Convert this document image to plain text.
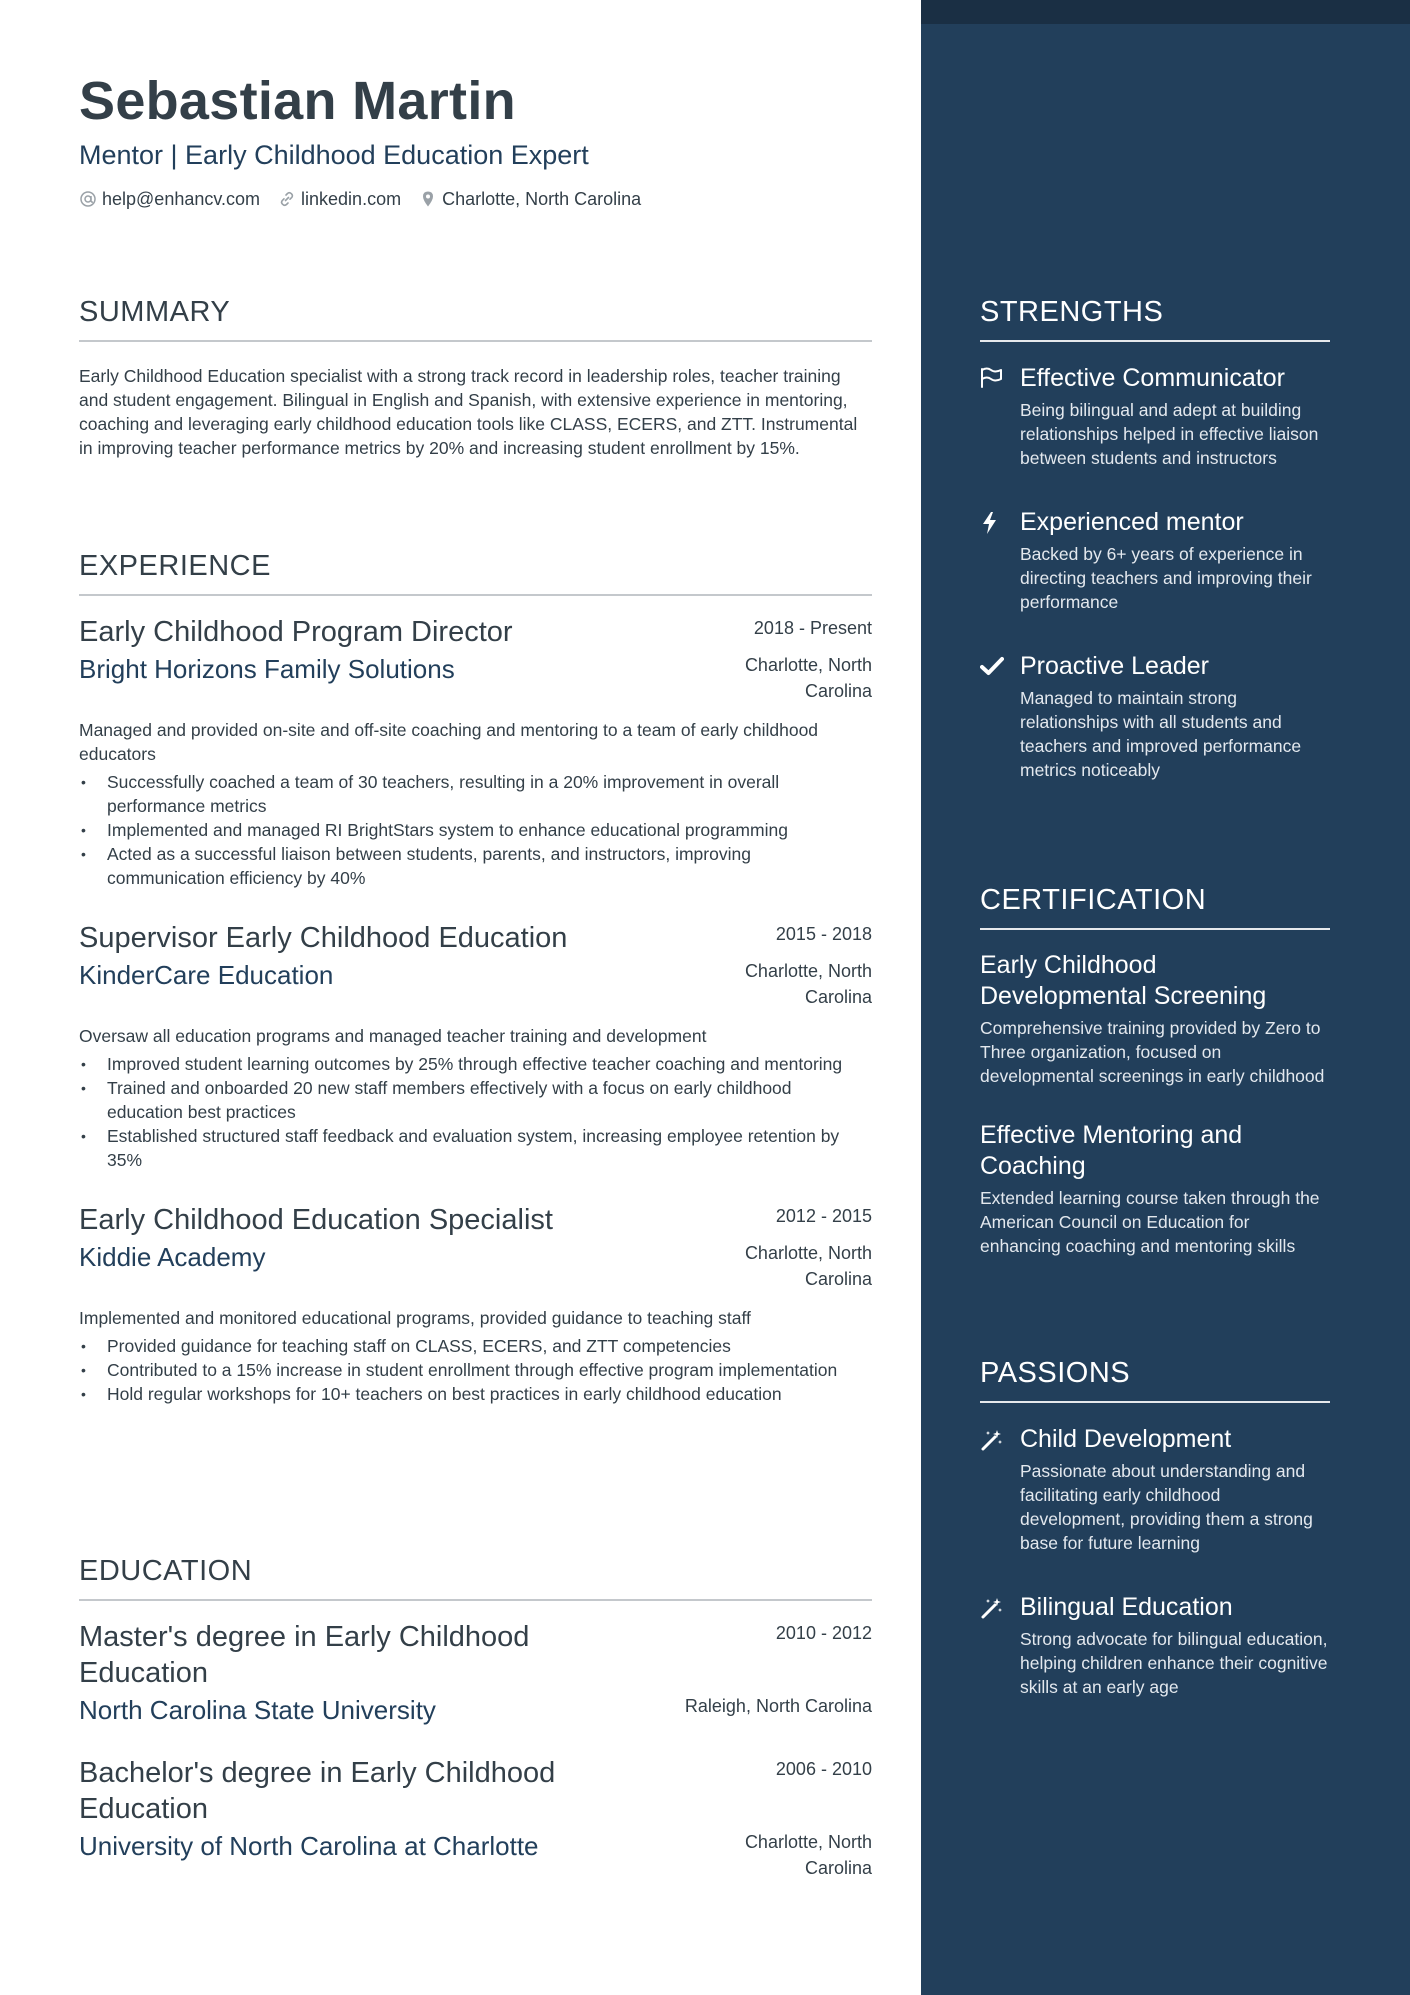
Sebastian Martin
Mentor | Early Childhood Education Expert
help@enhancv.com linkedin.com Charlotte, North Carolina
SUMMARY
Early Childhood Education specialist with a strong track record in leadership roles, teacher training and student engagement. Bilingual in English and Spanish, with extensive experience in mentoring, coaching and leveraging early childhood education tools like CLASS, ECERS, and ZTT. Instrumental in improving teacher performance metrics by 20% and increasing student enrollment by 15%.
EXPERIENCE
Early Childhood Program Director	2018 - Present
Bright Horizons Family Solutions	Charlotte, North
Carolina
Managed and provided on-site and off-site coaching and mentoring to a team of early childhood educators
• Successfully coached a team of 30 teachers, resulting in a 20% improvement in overall performance metrics
• Implemented and managed RI BrightStars system to enhance educational programming
• Acted as a successful liaison between students, parents, and instructors, improving communication efficiency by 40%
Supervisor Early Childhood Education	2015 - 2018
KinderCare Education	Charlotte, North
Carolina
Oversaw all education programs and managed teacher training and development
• Improved student learning outcomes by 25% through effective teacher coaching and mentoring
• Trained and onboarded 20 new staff members effectively with a focus on early childhood education best practices
• Established structured staff feedback and evaluation system, increasing employee retention by 35%
Early Childhood Education Specialist	2012 - 2015
Kiddie Academy	Charlotte, North
Carolina
Implemented and monitored educational programs, provided guidance to teaching staff
• Provided guidance for teaching staff on CLASS, ECERS, and ZTT competencies
• Contributed to a 15% increase in student enrollment through effective program implementation
• Hold regular workshops for 10+ teachers on best practices in early childhood education
EDUCATION
Master's degree in Early Childhood Education
2010 - 2012
North Carolina State University	Raleigh, North Carolina
Bachelor's degree in Early Childhood Education
2006 - 2010
University of North Carolina at Charlotte	Charlotte, North
Carolina
STRENGTHS
Effective Communicator
Being bilingual and adept at building relationships helped in effective liaison between students and instructors
Experienced mentor
Backed by 6+ years of experience in directing teachers and improving their performance
Proactive Leader
Managed to maintain strong relationships with all students and teachers and improved performance metrics noticeably
CERTIFICATION
Early Childhood Developmental Screening
Comprehensive training provided by Zero to Three organization, focused on developmental screenings in early childhood
Effective Mentoring and Coaching
Extended learning course taken through the American Council on Education for enhancing coaching and mentoring skills
PASSIONS
Child Development
Passionate about understanding and facilitating early childhood development, providing them a strong base for future learning
Bilingual Education
Strong advocate for bilingual education, helping children enhance their cognitive skills at an early age
